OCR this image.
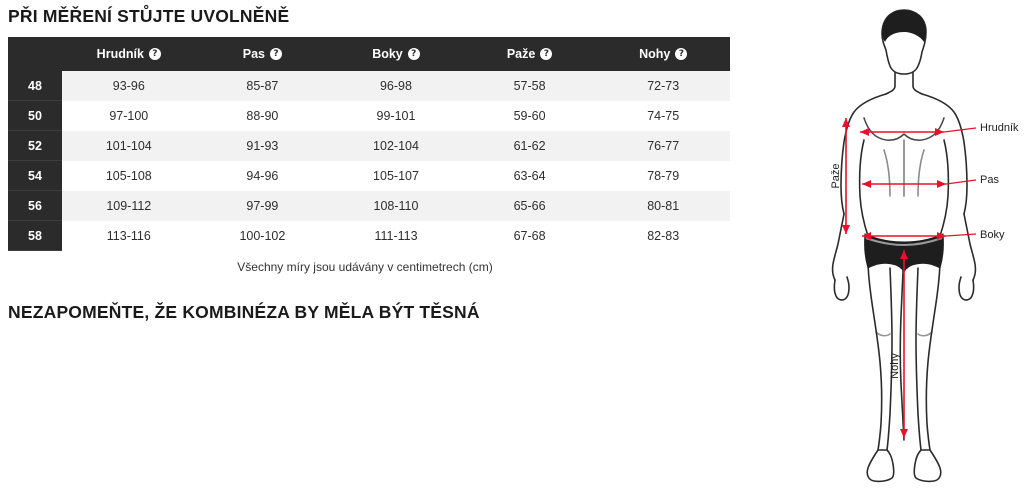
PŘI MĚŘENÍ STŮJTE UVOLNĚNĚ

	Hrudník ?	Pas ?	Boky ?	Paže ?	Nohy ?

48	93-96	85-87	96-98	57-58	72-73
50	97-100	88-90	99-101	59-60	74-75
52	101-104	91-93	102-104	61-62	76-77
54	105-108	94-96	105-107	63-64	78-79
56	109-112	97-99	108-110	65-66	80-81
58	113-116	100-102	111-113	67-68	82-83
Všechny míry jsou udávány v centimetrech (cm)
NEZAPOMEŇTE, ŽE KOMBINÉZA BY MĚLA BÝT TĚSNÁ
Hrudník
Pas
Boky
Paže
Nohy
